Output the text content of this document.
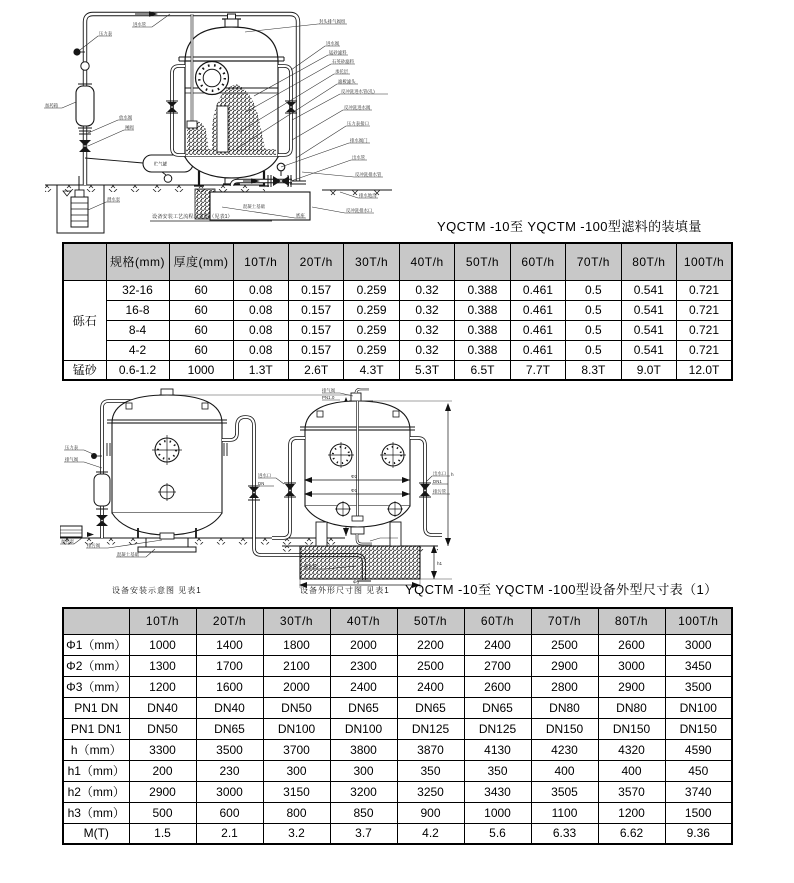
贮气罐
混凝土基础
封头排气阀组
进水阀
锰砂滤料
石英砂滤料
承托层
滤板滤头
反冲洗进水管(孔)
反冲洗进水阀
压力表接口
排水阀门
出水管
反冲洗排水管
排水地沟
反冲洗排水口
底座
进水管
压力表
加药箱
放水阀
闸阀
潜水泵
设备安装工艺流程示意图（见表1）
YQCTM -10至 YQCTM -100型滤料的装填量
	规格(mm)	厚度(mm)	10T/h	20T/h	30T/h	40T/h	50T/h	60T/h	70T/h	80T/h	100T/h
砾石	32-16	60	0.08	0.157	0.259	0.32	0.388	0.461	0.5	0.541	0.721
	16-8	60	0.08	0.157	0.259	0.32	0.388	0.461	0.5	0.541	0.721
	8-4	60	0.08	0.157	0.259	0.32	0.388	0.461	0.5	0.541	0.721
	4-2	60	0.08	0.157	0.259	0.32	0.388	0.461	0.5	0.541	0.721
锰砂	0.6-1.2	1000	1.3T	2.6T	4.3T	5.3T	6.5T	7.7T	8.3T	9.0T	12.0T
压力表
排气阀
加药泵
排污阀
混凝土基础
设备安装示意图 见表1
Φ2
Φ1
h
h1
Φ3
排气阀
PN1.0
进水口
DN
出水口
DN1
排污管
设备外形尺寸图 见表1 YQCTM -10至 YQCTM -100型设备外型尺寸表（1）
	10T/h	20T/h	30T/h	40T/h	50T/h	60T/h	70T/h	80T/h	100T/h
Φ1（mm）	1000	1400	1800	2000	2200	2400	2500	2600	3000
Φ2（mm）	1300	1700	2100	2300	2500	2700	2900	3000	3450
Φ3（mm）	1200	1600	2000	2400	2400	2600	2800	2900	3500
PN1 DN	DN40	DN40	DN50	DN65	DN65	DN65	DN80	DN80	DN100
PN1 DN1	DN50	DN65	DN100	DN100	DN125	DN125	DN150	DN150	DN150
h（mm）	3300	3500	3700	3800	3870	4130	4230	4320	4590
h1（mm）	200	230	300	300	350	350	400	400	450
h2（mm）	2900	3000	3150	3200	3250	3430	3505	3570	3740
h3（mm）	500	600	800	850	900	1000	1100	1200	1500
M(T)	1.5	2.1	3.2	3.7	4.2	5.6	6.33	6.62	9.36
